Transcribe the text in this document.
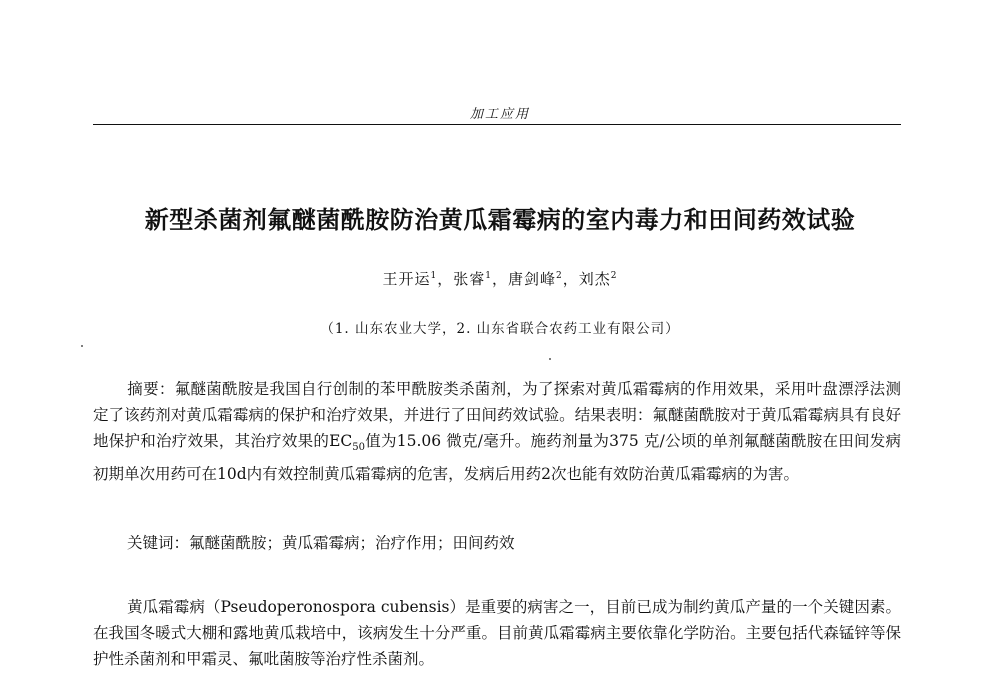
加工应用
新型杀菌剂氟醚菌酰胺防治黄瓜霜霉病的室内毒力和田间药效试验
王开运$^1$，张睿$^1$，唐剑峰$^2$，刘杰$^2$
（1. 山东农业大学，2. 山东省联合农药工业有限公司）
摘要：氟醚菌酰胺是我国自行创制的苯甲酰胺类杀菌剂，为了探索对黄瓜霜霉病的作用效果，采用叶盘漂浮法测定了该药剂对黄瓜霜霉病的保护和治疗效果，并进行了田间药效试验。结果表明：氟醚菌酰胺对于黄瓜霜霉病具有良好地保护和治疗效果，其治疗效果的$EC_{50}$值为15.06 微克/毫升。施药剂量为375 克/公顷的单剂氟醚菌酰胺在田间发病初期单次用药可在10d内有效控制黄瓜霜霉病的危害，发病后用药2次也能有效防治黄瓜霜霉病的为害。
关键词：氟醚菌酰胺；黄瓜霜霉病；治疗作用；田间药效
黄瓜霜霉病（Pseudoperonospora cubensis）是重要的病害之一，目前已成为制约黄瓜产量的一个关键因素。在我国冬暖式大棚和露地黄瓜栽培中，该病发生十分严重。目前黄瓜霜霉病主要依靠化学防治。主要包括代森锰锌等保护性杀菌剂和甲霜灵、氟吡菌胺等治疗性杀菌剂。
